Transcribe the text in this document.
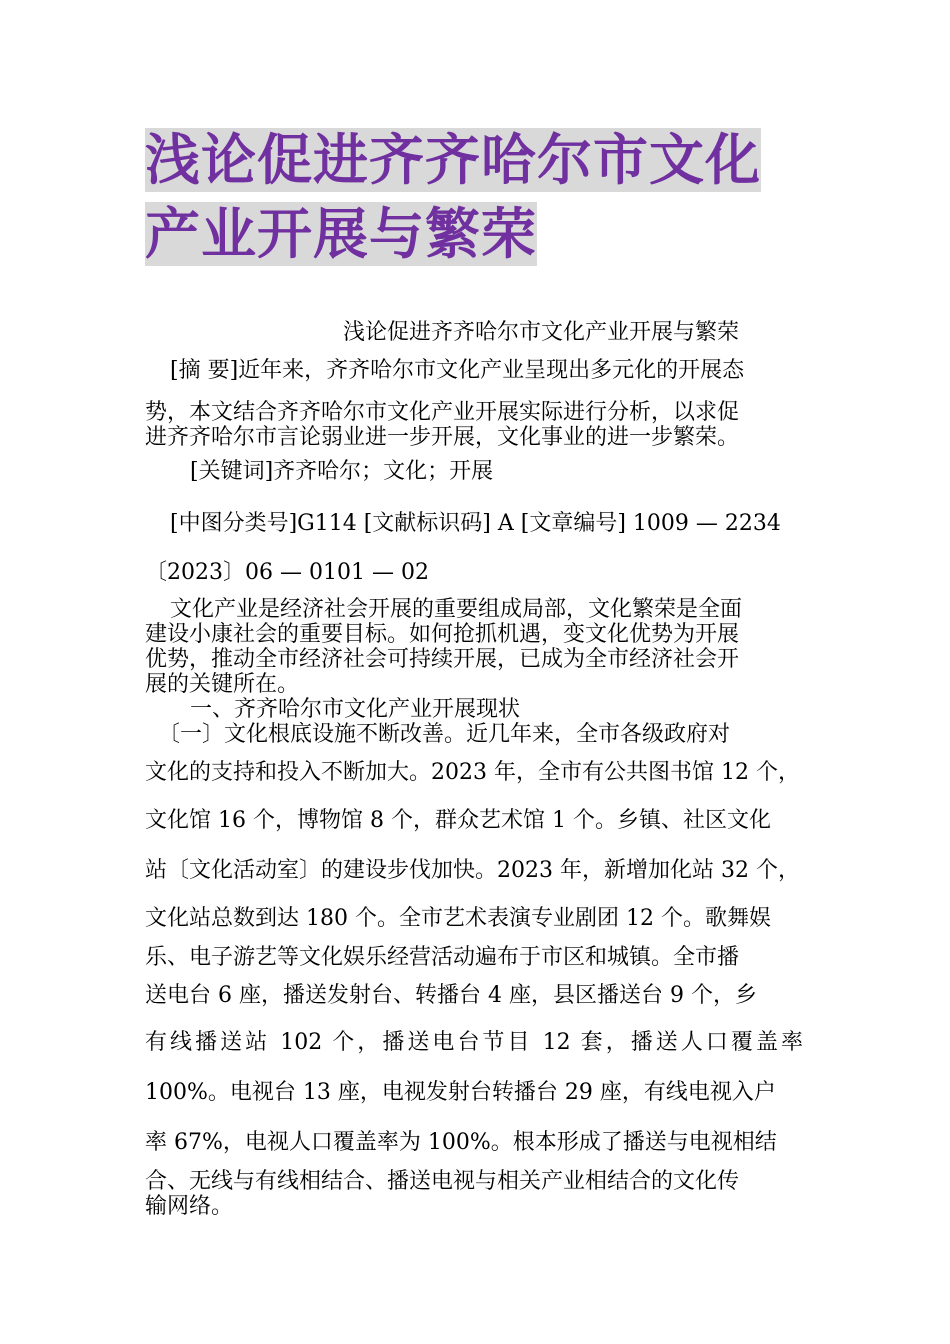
浅论促进齐齐哈尔市文化
产业开展与繁荣
浅论促进齐齐哈尔市文化产业开展与繁荣
[摘 要]近年来，齐齐哈尔市文化产业呈现出多元化的开展态
势，本文结合齐齐哈尔市文化产业开展实际进行分析，以求促
进齐齐哈尔市言论弱业进一步开展，文化事业的进一步繁荣。
[关键词]齐齐哈尔；文化；开展
[中图分类号]G114 [文献标识码] A [文章编号] 1009 — 2234
〔2023〕06 — 0101 — 02
文化产业是经济社会开展的重要组成局部，文化繁荣是全面
建设小康社会的重要目标。如何抢抓机遇，变文化优势为开展
优势，推动全市经济社会可持续开展，已成为全市经济社会开
展的关键所在。
一、齐齐哈尔市文化产业开展现状
〔一〕文化根底设施不断改善。近几年来，全市各级政府对
文化的支持和投入不断加大。2023 年，全市有公共图书馆 12 个，
文化馆 16 个，博物馆 8 个，群众艺术馆 1 个。乡镇、社区文化
站〔文化活动室〕的建设步伐加快。2023 年，新增加化站 32 个，
文化站总数到达 180 个。全市艺术表演专业剧团 12 个。歌舞娱
乐、电子游艺等文化娱乐经营活动遍布于市区和城镇。全市播
送电台 6 座，播送发射台、转播台 4 座，县区播送台 9 个，乡
有线播送站 102 个，播送电台节目 12 套，播送人口覆盖率
100%。电视台 13 座，电视发射台转播台 29 座，有线电视入户
率 67%，电视人口覆盖率为 100%。根本形成了播送与电视相结
合、无线与有线相结合、播送电视与相关产业相结合的文化传
输网络。
